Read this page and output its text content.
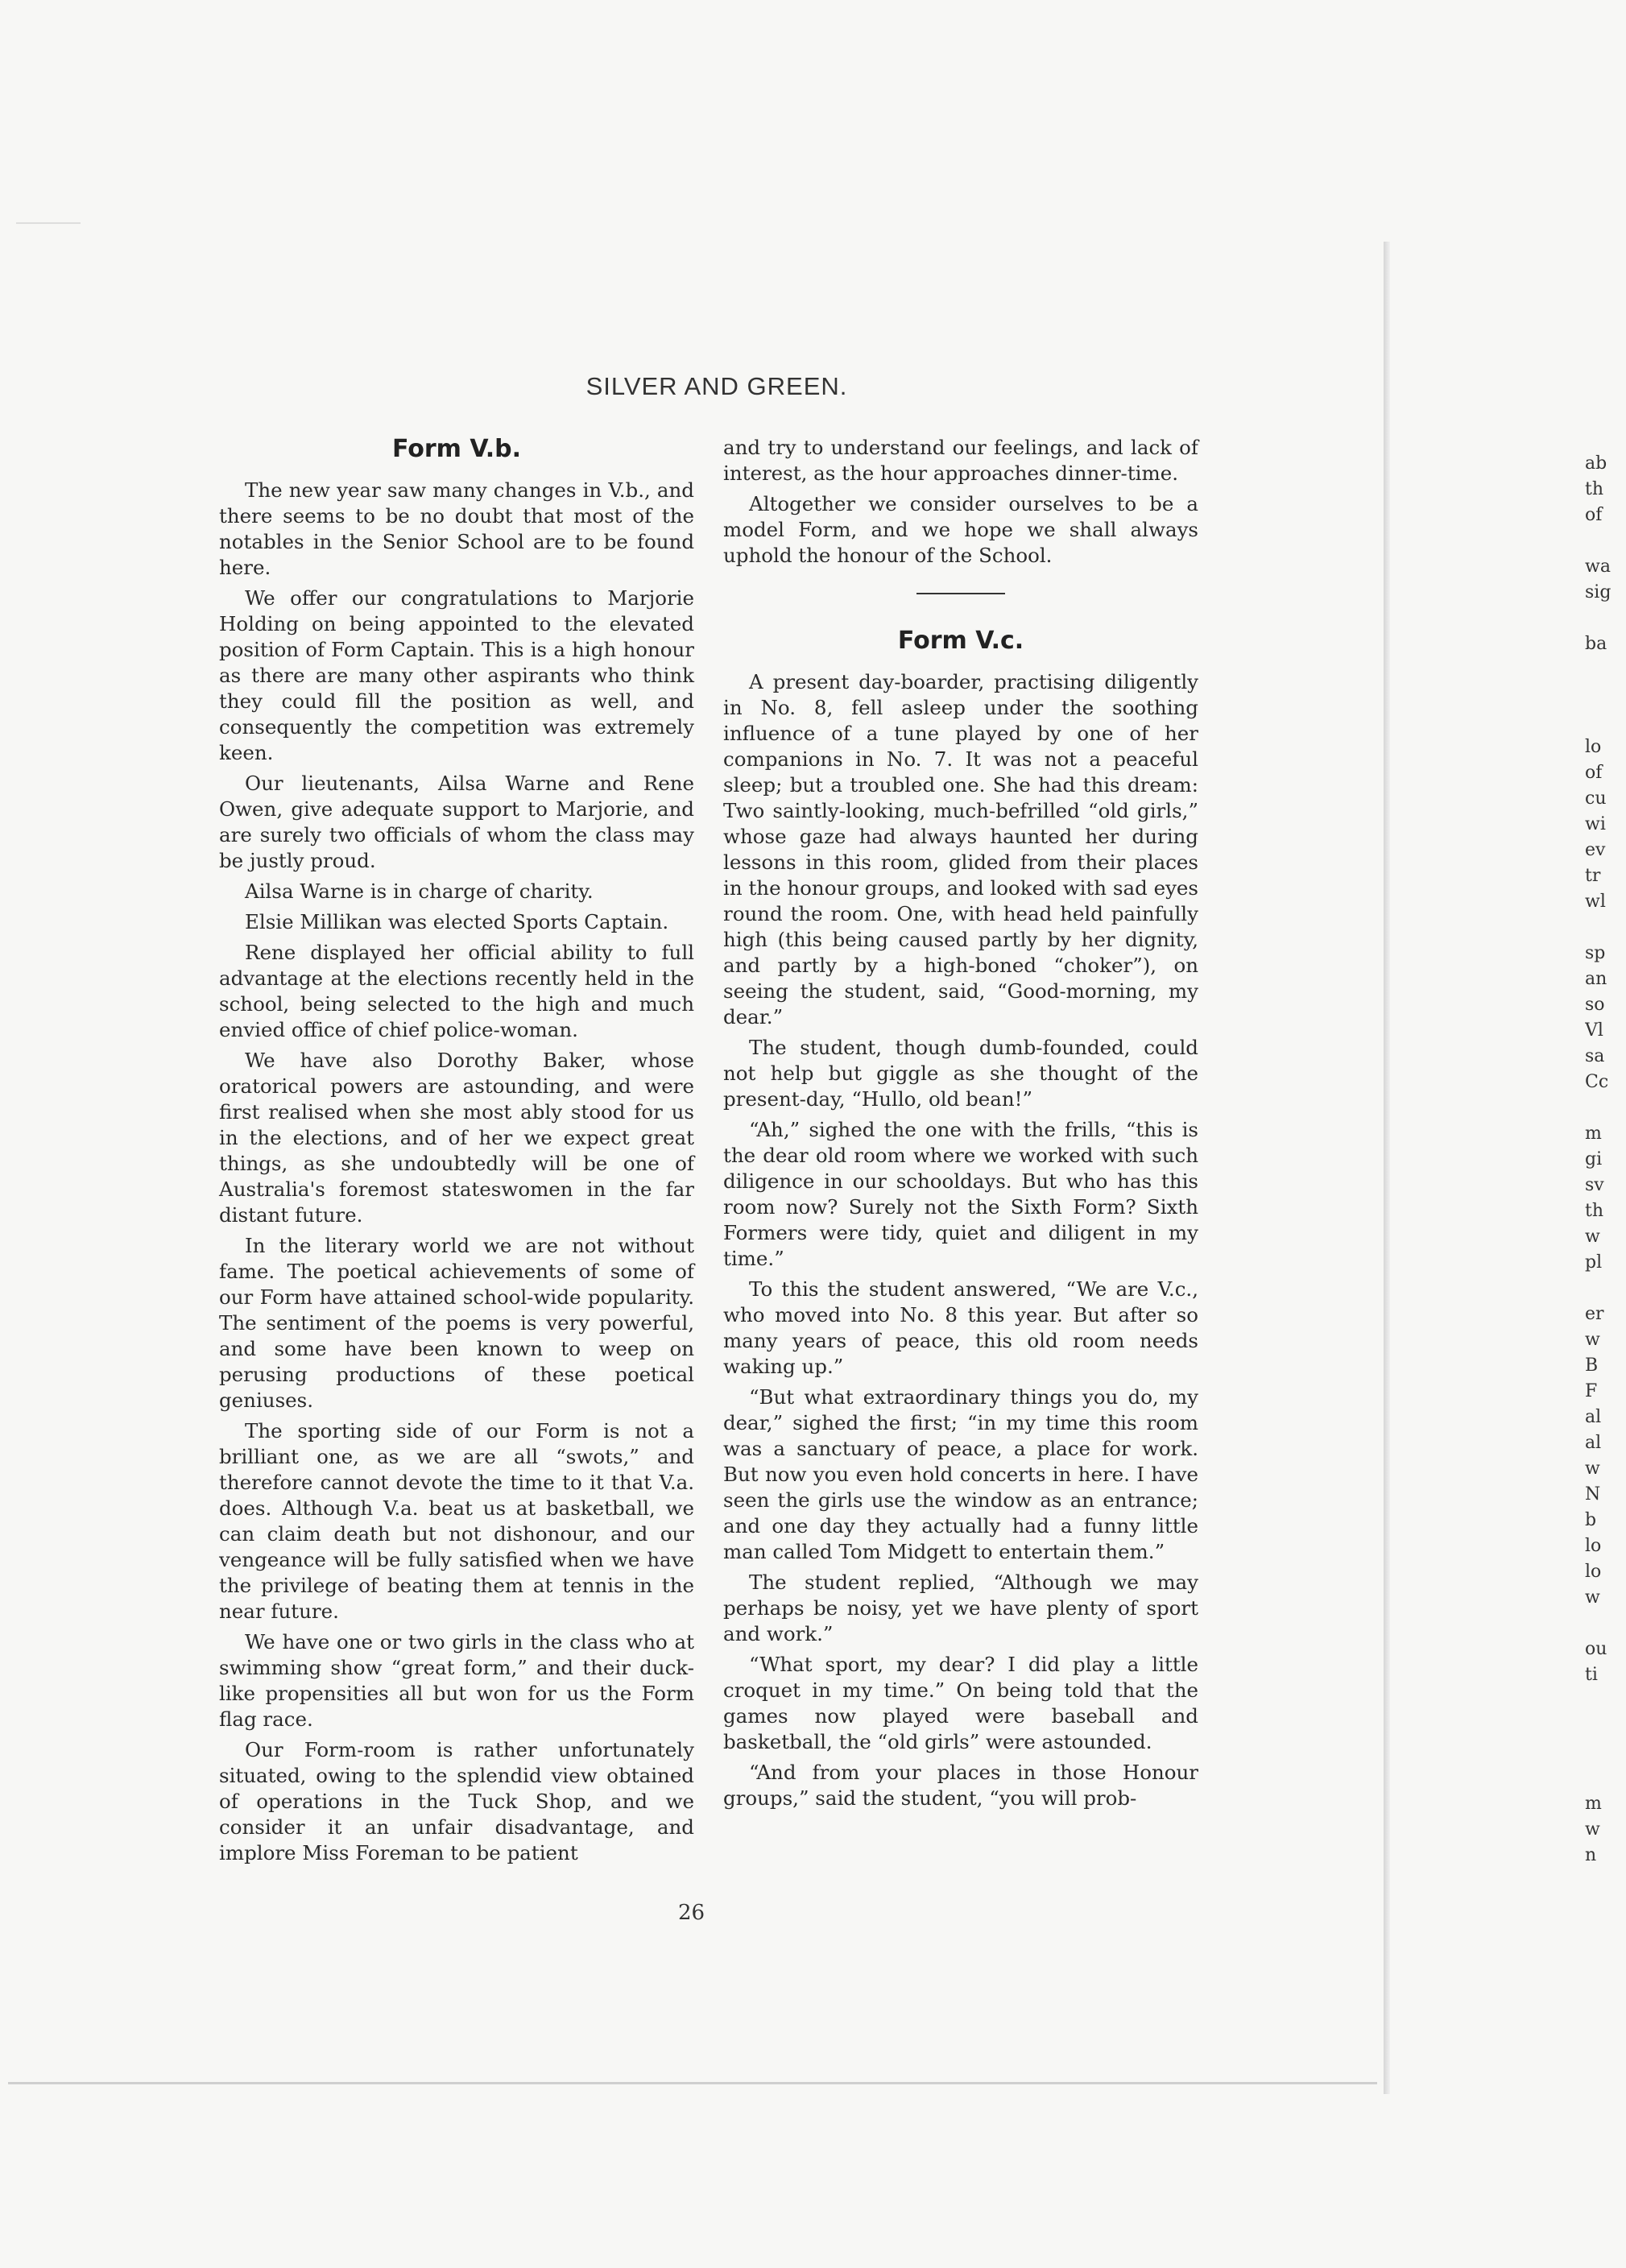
SILVER AND GREEN.
Form V.b.

The new year saw many changes in V.b., and there seems to be no doubt that most of the notables in the Senior School are to be found here.

We offer our congratulations to Marjorie Holding on being appointed to the elevated position of Form Captain. This is a high honour as there are many other aspirants who think they could fill the position as well, and consequently the competition was extremely keen.

Our lieutenants, Ailsa Warne and Rene Owen, give adequate support to Marjorie, and are surely two officials of whom the class may be justly proud.

Ailsa Warne is in charge of charity.

Elsie Millikan was elected Sports Captain.

Rene displayed her official ability to full advantage at the elections recently held in the school, being selected to the high and much envied office of chief police-woman.

We have also Dorothy Baker, whose oratorical powers are astounding, and were first realised when she most ably stood for us in the elections, and of her we expect great things, as she undoubtedly will be one of Australia's foremost stateswomen in the far distant future.

In the literary world we are not without fame. The poetical achievements of some of our Form have attained school-wide popularity. The sentiment of the poems is very powerful, and some have been known to weep on perusing productions of these poetical geniuses.

The sporting side of our Form is not a brilliant one, as we are all “swots,” and therefore cannot devote the time to it that V.a. does. Although V.a. beat us at basketball, we can claim death but not dishonour, and our vengeance will be fully satisfied when we have the privilege of beating them at tennis in the near future.

We have one or two girls in the class who at swimming show “great form,” and their duck-like propensities all but won for us the Form flag race.

Our Form-room is rather unfortunately situated, owing to the splendid view obtained of operations in the Tuck Shop, and we consider it an unfair disadvantage, and implore Miss Foreman to be patient

and try to understand our feelings, and lack of interest, as the hour approaches dinner-time.

Altogether we consider ourselves to be a model Form, and we hope we shall always uphold the honour of the School.

Form V.c.

A present day-boarder, practising diligently in No. 8, fell asleep under the soothing influence of a tune played by one of her companions in No. 7. It was not a peaceful sleep; but a troubled one. She had this dream: Two saintly-looking, much-befrilled “old girls,” whose gaze had always haunted her during lessons in this room, glided from their places in the honour groups, and looked with sad eyes round the room. One, with head held painfully high (this being caused partly by her dignity, and partly by a high-boned “choker”), on seeing the student, said, “Good-morning, my dear.”

The student, though dumb-founded, could not help but giggle as she thought of the present-day, “Hullo, old bean!”

“Ah,” sighed the one with the frills, “this is the dear old room where we worked with such diligence in our schooldays. But who has this room now? Surely not the Sixth Form? Sixth Formers were tidy, quiet and diligent in my time.”

To this the student answered, “We are V.c., who moved into No. 8 this year. But after so many years of peace, this old room needs waking up.”

“But what extraordinary things you do, my dear,” sighed the first; “in my time this room was a sanctuary of peace, a place for work. But now you even hold concerts in here. I have seen the girls use the window as an entrance; and one day they actually had a funny little man called Tom Midgett to entertain them.”

The student replied, “Although we may perhaps be noisy, yet we have plenty of sport and work.”

“What sport, my dear? I did play a little croquet in my time.” On being told that the games now played were baseball and basketball, the “old girls” were astounded.

“And from your places in those Honour groups,” said the student, “you will prob-

26
ab
th
of
wa
sig
ba
lo
of
cu
wi
ev
tr
wl
sp
an
so
Vl
sa
Cc
m
gi
sv
th
w
pl
er
w
B
F
al
al
w
N
b
lo
lo
w
ou
ti
m
w
n
